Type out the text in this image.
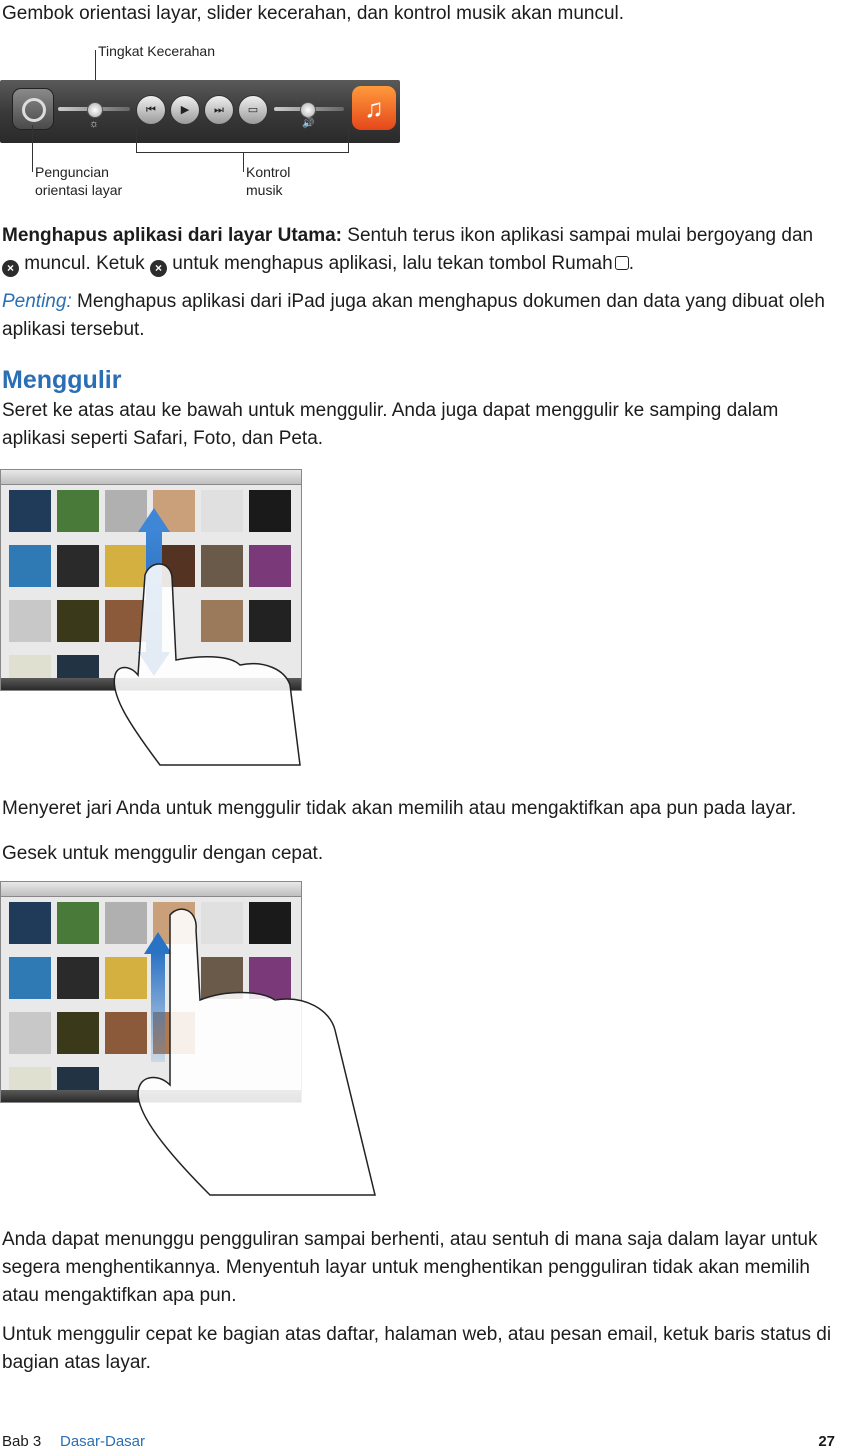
Gembok orientasi layar, slider kecerahan, dan kontrol musik akan muncul.

Tingkat Kecerahan
☼
⏮	▶	⏭	▭
🔊
♫
Penguncian
orientasi layar
Kontrol
musik

Menghapus aplikasi dari layar Utama: Sentuh terus ikon aplikasi sampai mulai bergoyang dan
× muncul. Ketuk × untuk menghapus aplikasi, lalu tekan tombol Rumah .

Penting: Menghapus aplikasi dari iPad juga akan menghapus dokumen dan data yang dibuat oleh aplikasi tersebut.

Menggulir

Seret ke atas atau ke bawah untuk menggulir. Anda juga dapat menggulir ke samping dalam aplikasi seperti Safari, Foto, dan Peta.

Menyeret jari Anda untuk menggulir tidak akan memilih atau mengaktifkan apa pun pada layar.

Gesek untuk menggulir dengan cepat.

Anda dapat menunggu pengguliran sampai berhenti, atau sentuh di mana saja dalam layar untuk segera menghentikannya. Menyentuh layar untuk menghentikan pengguliran tidak akan memilih atau mengaktifkan apa pun.

Untuk menggulir cepat ke bagian atas daftar, halaman web, atau pesan email, ketuk baris status di bagian atas layar.

Bab 3 Dasar-Dasar	27
